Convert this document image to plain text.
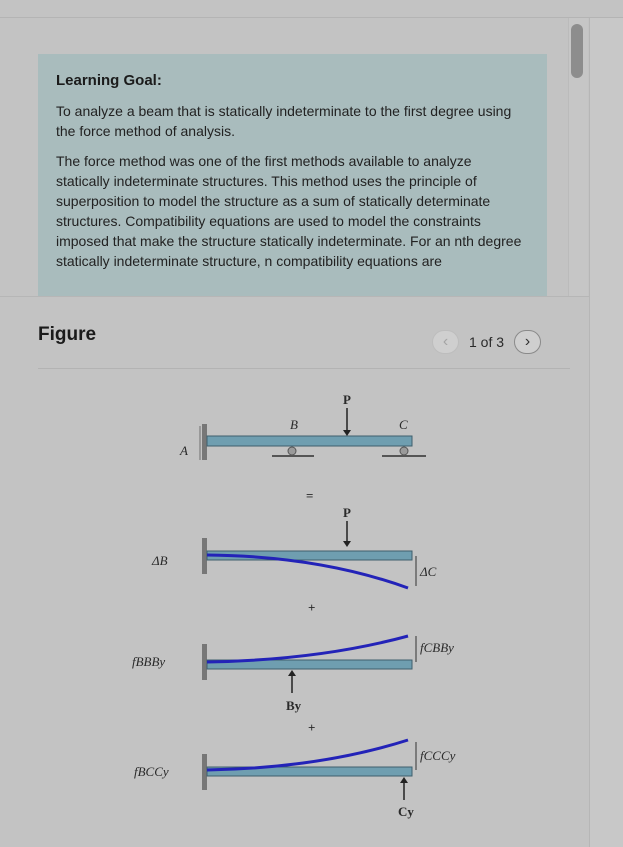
Learning Goal:

To analyze a beam that is statically indeterminate to the first degree using the force method of analysis.

The force method was one of the first methods available to analyze statically indeterminate structures. This method uses the principle of superposition to model the structure as a sum of statically determinate structures. Compatibility equations are used to model the constraints imposed that make the structure statically indeterminate. For an nth degree statically indeterminate structure, n compatibility equations are

Figure	‹ 1 of 3 ›
P
B	C
A
=
P
ΔB
ΔC
+
By
fBBBy
fCBBy
+
Cy
fBCCy
fCCCy
